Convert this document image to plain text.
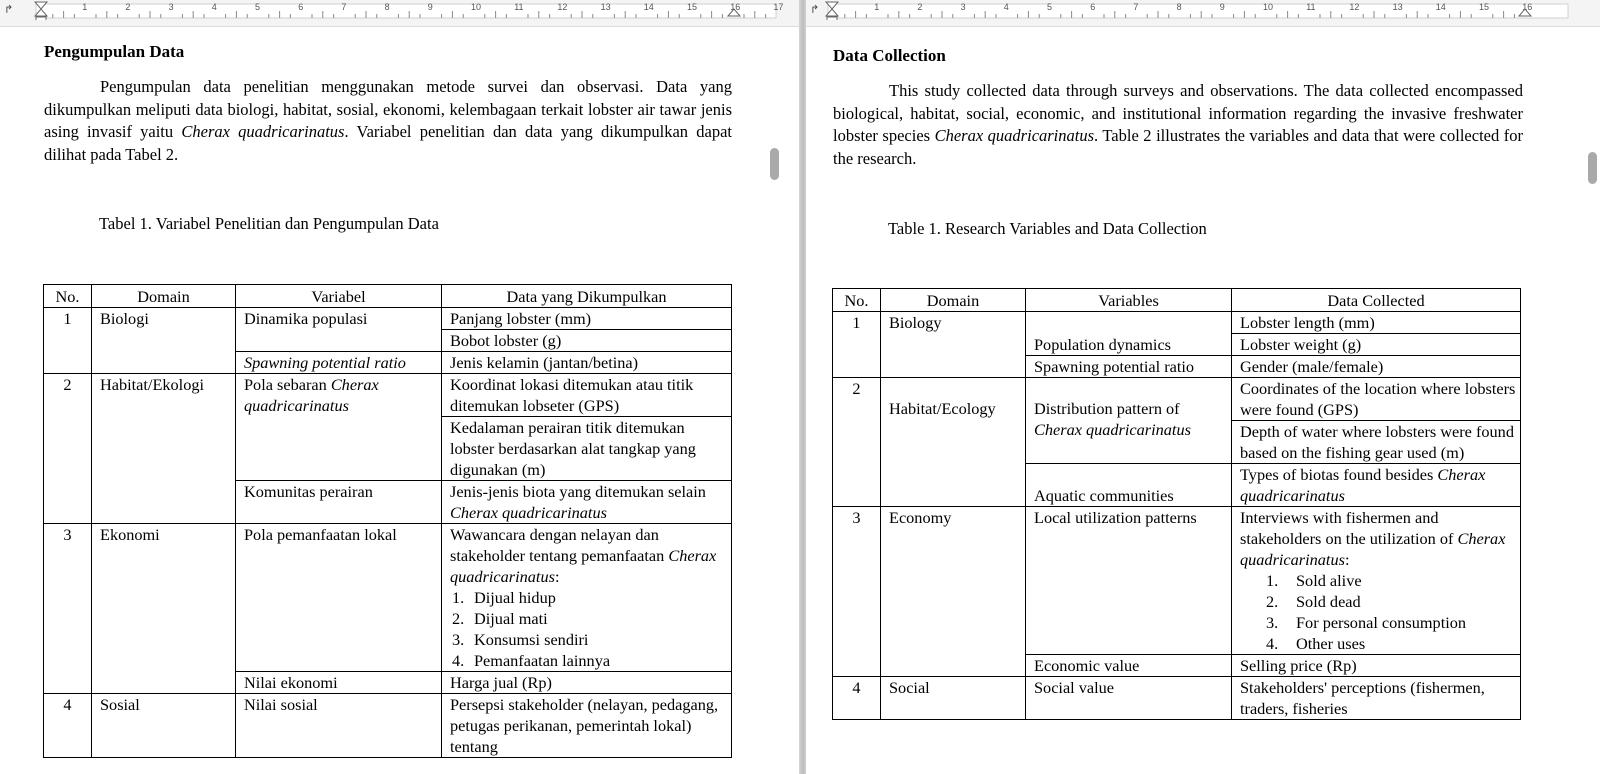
↱	1	2	3	4	5	6	7	8	9	10	11	12	13	14	15	16	17
Pengumpulan Data
Pengumpulan data penelitian menggunakan metode survei dan observasi. Data yang dikumpulkan meliputi data biologi, habitat, sosial, ekonomi, kelembagaan terkait lobster air tawar jenis asing invasif yaitu Cherax quadricarinatus. Variabel penelitian dan data yang dikumpulkan dapat dilihat pada Tabel 2.
Tabel 1. Variabel Penelitian dan Pengumpulan Data
No.	Domain	Variabel	Data yang Dikumpulkan
1	Biologi	Dinamika populasi	Panjang lobster (mm)
			Bobot lobster (g)
		Spawning potential ratio	Jenis kelamin (jantan/betina)
2	Habitat/Ekologi	Pola sebaran Cherax quadricarinatus	Koordinat lokasi ditemukan atau titik ditemukan lobseter (GPS)
			Kedalaman perairan titik ditemukan lobster berdasarkan alat tangkap yang digunakan (m)
		Komunitas perairan	Jenis-jenis biota yang ditemukan selain Cherax quadricarinatus
3	Ekonomi	Pola pemanfaatan lokal	Wawancara dengan nelayan dan stakeholder tentang pemanfaatan Cherax quadricarinatus:
1. Dijual hidup
2. Dijual mati
3. Konsumsi sendiri
4. Pemanfaatan lainnya

		Nilai ekonomi	Harga jual (Rp)
4	Sosial	Nilai sosial	Persepsi stakeholder (nelayan, pedagang, petugas perikanan, pemerintah lokal) tentang
↱	1	2	3	4	5	6	7	8	9	10	11	12	13	14	15	16
Data Collection
This study collected data through surveys and observations. The data collected encompassed biological, habitat, social, economic, and institutional information regarding the invasive freshwater lobster species Cherax quadricarinatus. Table 2 illustrates the variables and data that were collected for the research.
Table 1. Research Variables and Data Collection
No.	Domain	Variables	Data Collected
1	Biology	Population dynamics	Lobster length (mm)
			Lobster weight (g)
		Spawning potential ratio	Gender (male/female)
2	Habitat/Ecology	Distribution pattern of Cherax quadricarinatus	Coordinates of the location where lobsters were found (GPS)
			Depth of water where lobsters were found based on the fishing gear used (m)
		Aquatic communities	Types of biotas found besides Cherax quadricarinatus
3	Economy	Local utilization patterns	Interviews with fishermen and stakeholders on the utilization of Cherax quadricarinatus:
1. Sold alive
2. Sold dead
3. For personal consumption
4. Other uses

		Economic value	Selling price (Rp)
4	Social	Social value	Stakeholders' perceptions (fishermen, traders, fisheries
